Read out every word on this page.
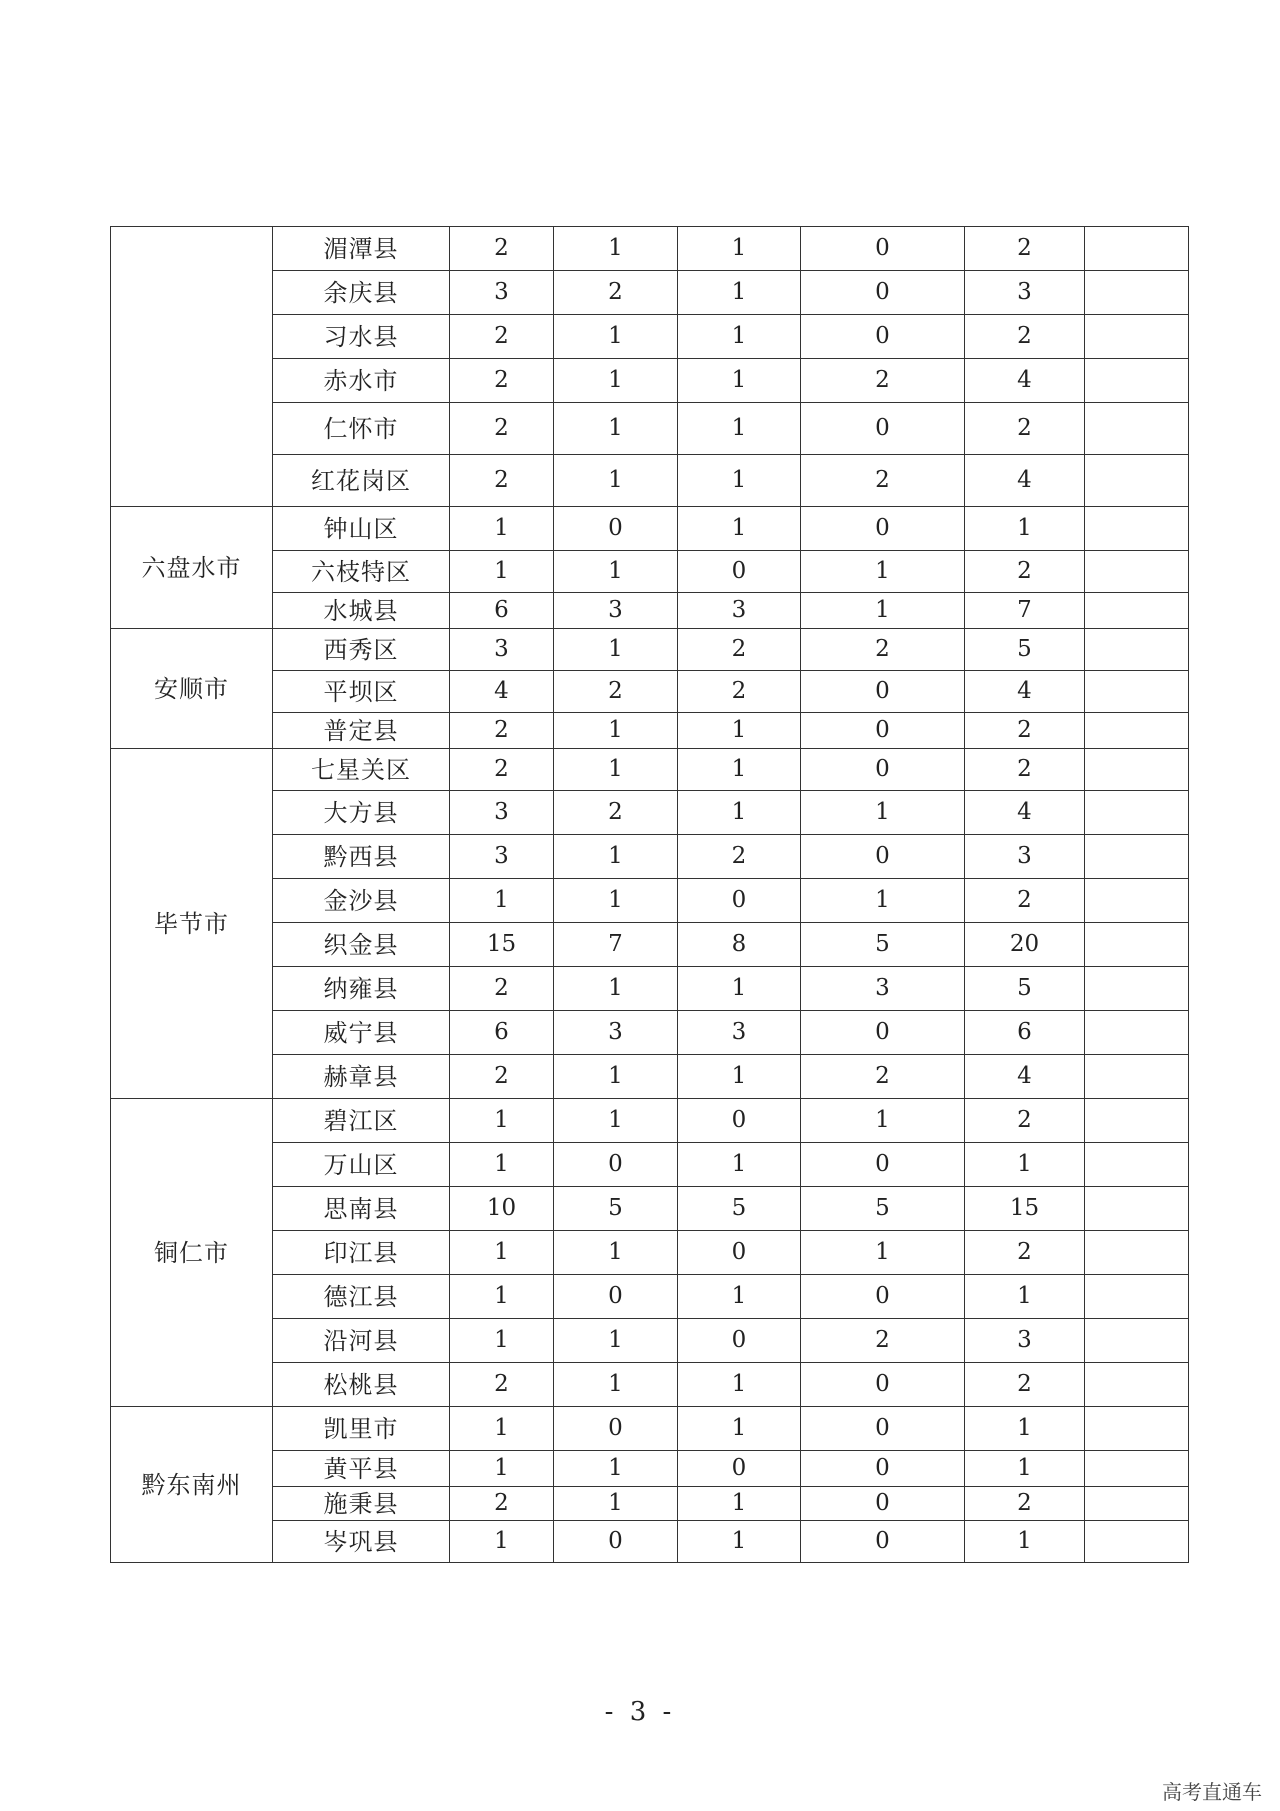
	湄潭县	2	1	1	0	2	
	余庆县	3	2	1	0	3	
	习水县	2	1	1	0	2	
	赤水市	2	1	1	2	4	
	仁怀市	2	1	1	0	2	
	红花岗区	2	1	1	2	4	
六盘水市	钟山区	1	0	1	0	1	
	六枝特区	1	1	0	1	2	
	水城县	6	3	3	1	7	
安顺市	西秀区	3	1	2	2	5	
	平坝区	4	2	2	0	4	
	普定县	2	1	1	0	2	
毕节市	七星关区	2	1	1	0	2	
	大方县	3	2	1	1	4	
	黔西县	3	1	2	0	3	
	金沙县	1	1	0	1	2	
	织金县	15	7	8	5	20	
	纳雍县	2	1	1	3	5	
	威宁县	6	3	3	0	6	
	赫章县	2	1	1	2	4	
铜仁市	碧江区	1	1	0	1	2	
	万山区	1	0	1	0	1	
	思南县	10	5	5	5	15	
	印江县	1	1	0	1	2	
	德江县	1	0	1	0	1	
	沿河县	1	1	0	2	3	
	松桃县	2	1	1	0	2	
黔东南州	凯里市	1	0	1	0	1	
	黄平县	1	1	0	0	1	
	施秉县	2	1	1	0	2	
	岑巩县	1	0	1	0	1	
- 3 -
高考直通车
